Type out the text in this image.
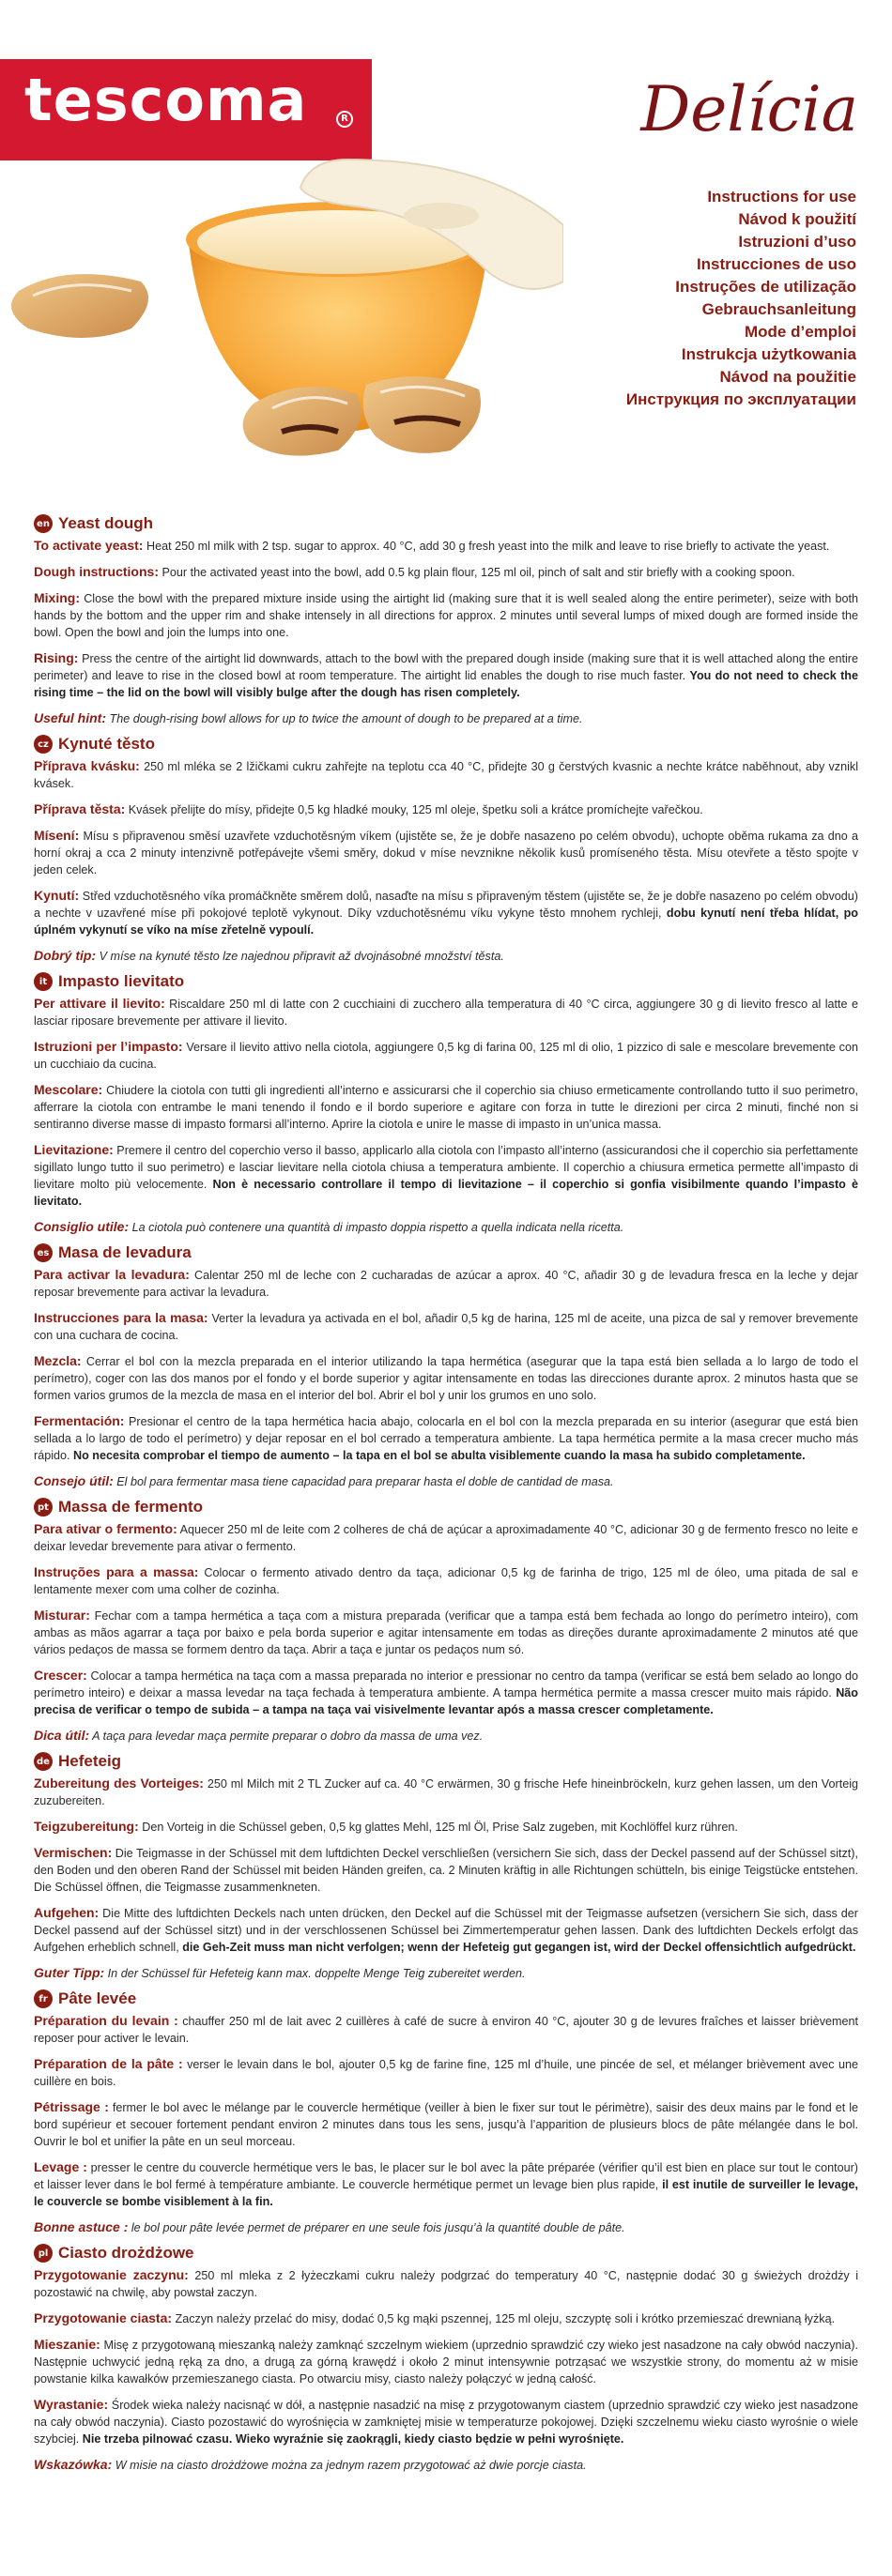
tescoma	R	Delícia
Instructions for use
Návod k použití
Istruzioni d’uso
Instrucciones de uso
Instruções de utilização
Gebrauchsanleitung
Mode d’emploi
Instrukcja użytkowania
Návod na použitie
Инструкция по эксплуатации
en Yeast dough

To activate yeast: Heat 250 ml milk with 2 tsp. sugar to approx. 40 °C, add 30 g fresh yeast into the milk and leave to rise briefly to activate the yeast.

Dough instructions: Pour the activated yeast into the bowl, add 0.5 kg plain flour, 125 ml oil, pinch of salt and stir briefly with a cooking spoon.

Mixing: Close the bowl with the prepared mixture inside using the airtight lid (making sure that it is well sealed along the entire perimeter), seize with both hands by the bottom and the upper rim and shake intensely in all directions for approx. 2 minutes until several lumps of mixed dough are formed inside the bowl. Open the bowl and join the lumps into one.

Rising: Press the centre of the airtight lid downwards, attach to the bowl with the prepared dough inside (making sure that it is well attached along the entire perimeter) and leave to rise in the closed bowl at room temperature. The airtight lid enables the dough to rise much faster. You do not need to check the rising time – the lid on the bowl will visibly bulge after the dough has risen completely.

Useful hint: The dough-rising bowl allows for up to twice the amount of dough to be prepared at a time.

cz Kynuté těsto

Příprava kvásku: 250 ml mléka se 2 lžičkami cukru zahřejte na teplotu cca 40 °C, přidejte 30 g čerstvých kvasnic a nechte krátce naběhnout, aby vznikl kvásek.

Příprava těsta: Kvásek přelijte do mísy, přidejte 0,5 kg hladké mouky, 125 ml oleje, špetku soli a krátce promíchejte vařečkou.

Mísení: Mísu s připravenou směsí uzavřete vzduchotěsným víkem (ujistěte se, že je dobře nasazeno po celém obvodu), uchopte oběma rukama za dno a horní okraj a cca 2 minuty intenzivně potřepávejte všemi směry, dokud v míse nevznikne několik kusů promíseného těsta. Mísu otevřete a těsto spojte v jeden celek.

Kynutí: Střed vzduchotěsného víka promáčkněte směrem dolů, nasaďte na mísu s připraveným těstem (ujistěte se, že je dobře nasazeno po celém obvodu) a nechte v uzavřené míse při pokojové teplotě vykynout. Díky vzduchotěsnému víku vykyne těsto mnohem rychleji, dobu kynutí není třeba hlídat, po úplném vykynutí se víko na míse zřetelně vypoulí.

Dobrý tip: V míse na kynuté těsto lze najednou připravit až dvojnásobné množství těsta.

it Impasto lievitato

Per attivare il lievito: Riscaldare 250 ml di latte con 2 cucchiaini di zucchero alla temperatura di 40 °C circa, aggiungere 30 g di lievito fresco al latte e lasciar riposare brevemente per attivare il lievito.

Istruzioni per l’impasto: Versare il lievito attivo nella ciotola, aggiungere 0,5 kg di farina 00, 125 ml di olio, 1 pizzico di sale e mescolare brevemente con un cucchiaio da cucina.

Mescolare: Chiudere la ciotola con tutti gli ingredienti all’interno e assicurarsi che il coperchio sia chiuso ermeticamente controllando tutto il suo perimetro, afferrare la ciotola con entrambe le mani tenendo il fondo e il bordo superiore e agitare con forza in tutte le direzioni per circa 2 minuti, finché non si sentiranno diverse masse di impasto formarsi all’interno. Aprire la ciotola e unire le masse di impasto in un’unica massa.

Lievitazione: Premere il centro del coperchio verso il basso, applicarlo alla ciotola con l’impasto all’interno (assicurandosi che il coperchio sia perfettamente sigillato lungo tutto il suo perimetro) e lasciar lievitare nella ciotola chiusa a temperatura ambiente. Il coperchio a chiusura ermetica permette all’impasto di lievitare molto più velocemente. Non è necessario controllare il tempo di lievitazione – il coperchio si gonfia visibilmente quando l’impasto è lievitato.

Consiglio utile: La ciotola può contenere una quantità di impasto doppia rispetto a quella indicata nella ricetta.

es Masa de levadura

Para activar la levadura: Calentar 250 ml de leche con 2 cucharadas de azúcar a aprox. 40 °C, añadir 30 g de levadura fresca en la leche y dejar reposar brevemente para activar la levadura.

Instrucciones para la masa: Verter la levadura ya activada en el bol, añadir 0,5 kg de harina, 125 ml de aceite, una pizca de sal y remover brevemente con una cuchara de cocina.

Mezcla: Cerrar el bol con la mezcla preparada en el interior utilizando la tapa hermética (asegurar que la tapa está bien sellada a lo largo de todo el perímetro), coger con las dos manos por el fondo y el borde superior y agitar intensamente en todas las direcciones durante aprox. 2 minutos hasta que se formen varios grumos de la mezcla de masa en el interior del bol. Abrir el bol y unir los grumos en uno solo.

Fermentación: Presionar el centro de la tapa hermética hacia abajo, colocarla en el bol con la mezcla preparada en su interior (asegurar que está bien sellada a lo largo de todo el perímetro) y dejar reposar en el bol cerrado a temperatura ambiente. La tapa hermética permite a la masa crecer mucho más rápido. No necesita comprobar el tiempo de aumento – la tapa en el bol se abulta visiblemente cuando la masa ha subido completamente.

Consejo útil: El bol para fermentar masa tiene capacidad para preparar hasta el doble de cantidad de masa.

pt Massa de fermento

Para ativar o fermento: Aquecer 250 ml de leite com 2 colheres de chá de açúcar a aproximadamente 40 °C, adicionar 30 g de fermento fresco no leite e deixar levedar brevemente para ativar o fermento.

Instruções para a massa: Colocar o fermento ativado dentro da taça, adicionar 0,5 kg de farinha de trigo, 125 ml de óleo, uma pitada de sal e lentamente mexer com uma colher de cozinha.

Misturar: Fechar com a tampa hermética a taça com a mistura preparada (verificar que a tampa está bem fechada ao longo do perímetro inteiro), com ambas as mãos agarrar a taça por baixo e pela borda superior e agitar intensamente em todas as direções durante aproximadamente 2 minutos até que vários pedaços de massa se formem dentro da taça. Abrir a taça e juntar os pedaços num só.

Crescer: Colocar a tampa hermética na taça com a massa preparada no interior e pressionar no centro da tampa (verificar se está bem selado ao longo do perímetro inteiro) e deixar a massa levedar na taça fechada à temperatura ambiente. A tampa hermética permite a massa crescer muito mais rápido. Não precisa de verificar o tempo de subida – a tampa na taça vai visivelmente levantar após a massa crescer completamente.

Dica útil: A taça para levedar maça permite preparar o dobro da massa de uma vez.

de Hefeteig

Zubereitung des Vorteiges: 250 ml Milch mit 2 TL Zucker auf ca. 40 °C erwärmen, 30 g frische Hefe hineinbröckeln, kurz gehen lassen, um den Vorteig zuzubereiten.

Teigzubereitung: Den Vorteig in die Schüssel geben, 0,5 kg glattes Mehl, 125 ml Öl, Prise Salz zugeben, mit Kochlöffel kurz rühren.

Vermischen: Die Teigmasse in der Schüssel mit dem luftdichten Deckel verschließen (versichern Sie sich, dass der Deckel passend auf der Schüssel sitzt), den Boden und den oberen Rand der Schüssel mit beiden Händen greifen, ca. 2 Minuten kräftig in alle Richtungen schütteln, bis einige Teigstücke entstehen. Die Schüssel öffnen, die Teigmasse zusammenkneten.

Aufgehen: Die Mitte des luftdichten Deckels nach unten drücken, den Deckel auf die Schüssel mit der Teigmasse aufsetzen (versichern Sie sich, dass der Deckel passend auf der Schüssel sitzt) und in der verschlossenen Schüssel bei Zimmertemperatur gehen lassen. Dank des luftdichten Deckels erfolgt das Aufgehen erheblich schnell, die Geh-Zeit muss man nicht verfolgen; wenn der Hefeteig gut gegangen ist, wird der Deckel offensichtlich aufgedrückt.

Guter Tipp: In der Schüssel für Hefeteig kann max. doppelte Menge Teig zubereitet werden.

fr Pâte levée

Préparation du levain : chauffer 250 ml de lait avec 2 cuillères à café de sucre à environ 40 °C, ajouter 30 g de levures fraîches et laisser brièvement reposer pour activer le levain.

Préparation de la pâte : verser le levain dans le bol, ajouter 0,5 kg de farine fine, 125 ml d’huile, une pincée de sel, et mélanger brièvement avec une cuillère en bois.

Pétrissage : fermer le bol avec le mélange par le couvercle hermétique (veiller à bien le fixer sur tout le périmètre), saisir des deux mains par le fond et le bord supérieur et secouer fortement pendant environ 2 minutes dans tous les sens, jusqu’à l’apparition de plusieurs blocs de pâte mélangée dans le bol. Ouvrir le bol et unifier la pâte en un seul morceau.

Levage : presser le centre du couvercle hermétique vers le bas, le placer sur le bol avec la pâte préparée (vérifier qu’il est bien en place sur tout le contour) et laisser lever dans le bol fermé à température ambiante. Le couvercle hermétique permet un levage bien plus rapide, il est inutile de surveiller le levage, le couvercle se bombe visiblement à la fin.

Bonne astuce : le bol pour pâte levée permet de préparer en une seule fois jusqu’à la quantité double de pâte.

pl Ciasto drożdżowe

Przygotowanie zaczynu: 250 ml mleka z 2 łyżeczkami cukru należy podgrzać do temperatury 40 °C, następnie dodać 30 g świeżych drożdży i pozostawić na chwilę, aby powstał zaczyn.

Przygotowanie ciasta: Zaczyn należy przelać do misy, dodać 0,5 kg mąki pszennej, 125 ml oleju, szczyptę soli i krótko przemieszać drewnianą łyżką.

Mieszanie: Misę z przygotowaną mieszanką należy zamknąć szczelnym wiekiem (uprzednio sprawdzić czy wieko jest nasadzone na cały obwód naczynia). Następnie uchwycić jedną ręką za dno, a drugą za górną krawędź i około 2 minut intensywnie potrząsać we wszystkie strony, do momentu aż w misie powstanie kilka kawałków przemieszanego ciasta. Po otwarciu misy, ciasto należy połączyć w jedną całość.

Wyrastanie: Środek wieka należy nacisnąć w dół, a następnie nasadzić na misę z przygotowanym ciastem (uprzednio sprawdzić czy wieko jest nasadzone na cały obwód naczynia). Ciasto pozostawić do wyrośnięcia w zamkniętej misie w temperaturze pokojowej. Dzięki szczelnemu wieku ciasto wyrośnie o wiele szybciej. Nie trzeba pilnować czasu. Wieko wyraźnie się zaokrągli, kiedy ciasto będzie w pełni wyrośnięte.

Wskazówka: W misie na ciasto drożdżowe można za jednym razem przygotować aż dwie porcje ciasta.
